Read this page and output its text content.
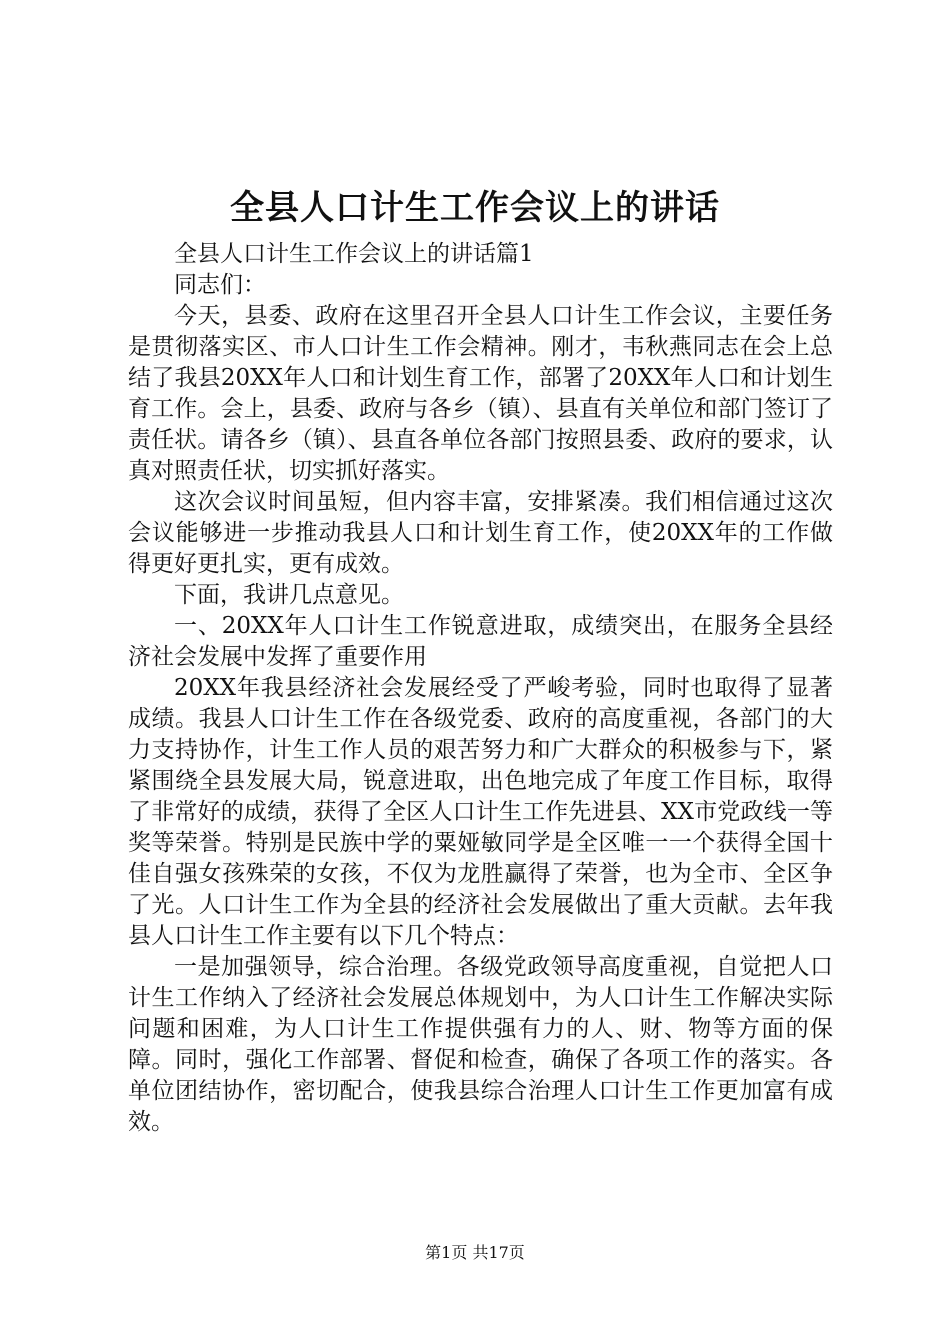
全县人口计生工作会议上的讲话

全县人口计生工作会议上的讲话篇1

同志们：

今天，县委、政府在这里召开全县人口计生工作会议，主要任务是贯彻落实区、市人口计生工作会精神。刚才，韦秋燕同志在会上总结了我县20XX年人口和计划生育工作，部署了20XX年人口和计划生育工作。会上，县委、政府与各乡（镇）、县直有关单位和部门签订了责任状。请各乡（镇）、县直各单位各部门按照县委、政府的要求，认真对照责任状，切实抓好落实。

这次会议时间虽短，但内容丰富，安排紧凑。我们相信通过这次会议能够进一步推动我县人口和计划生育工作，使20XX年的工作做得更好更扎实，更有成效。

下面，我讲几点意见。

一、20XX年人口计生工作锐意进取，成绩突出，在服务全县经济社会发展中发挥了重要作用

20XX年我县经济社会发展经受了严峻考验，同时也取得了显著成绩。我县人口计生工作在各级党委、政府的高度重视，各部门的大力支持协作，计生工作人员的艰苦努力和广大群众的积极参与下，紧紧围绕全县发展大局，锐意进取，出色地完成了年度工作目标，取得了非常好的成绩，获得了全区人口计生工作先进县、XX市党政线一等奖等荣誉。特别是民族中学的粟娅敏同学是全区唯一一个获得全国十佳自强女孩殊荣的女孩，不仅为龙胜赢得了荣誉，也为全市、全区争了光。人口计生工作为全县的经济社会发展做出了重大贡献。去年我县人口计生工作主要有以下几个特点：

一是加强领导，综合治理。各级党政领导高度重视，自觉把人口计生工作纳入了经济社会发展总体规划中，为人口计生工作解决实际问题和困难，为人口计生工作提供强有力的人、财、物等方面的保障。同时，强化工作部署、督促和检查，确保了各项工作的落实。各单位团结协作，密切配合，使我县综合治理人口计生工作更加富有成效。

第1页 共17页
